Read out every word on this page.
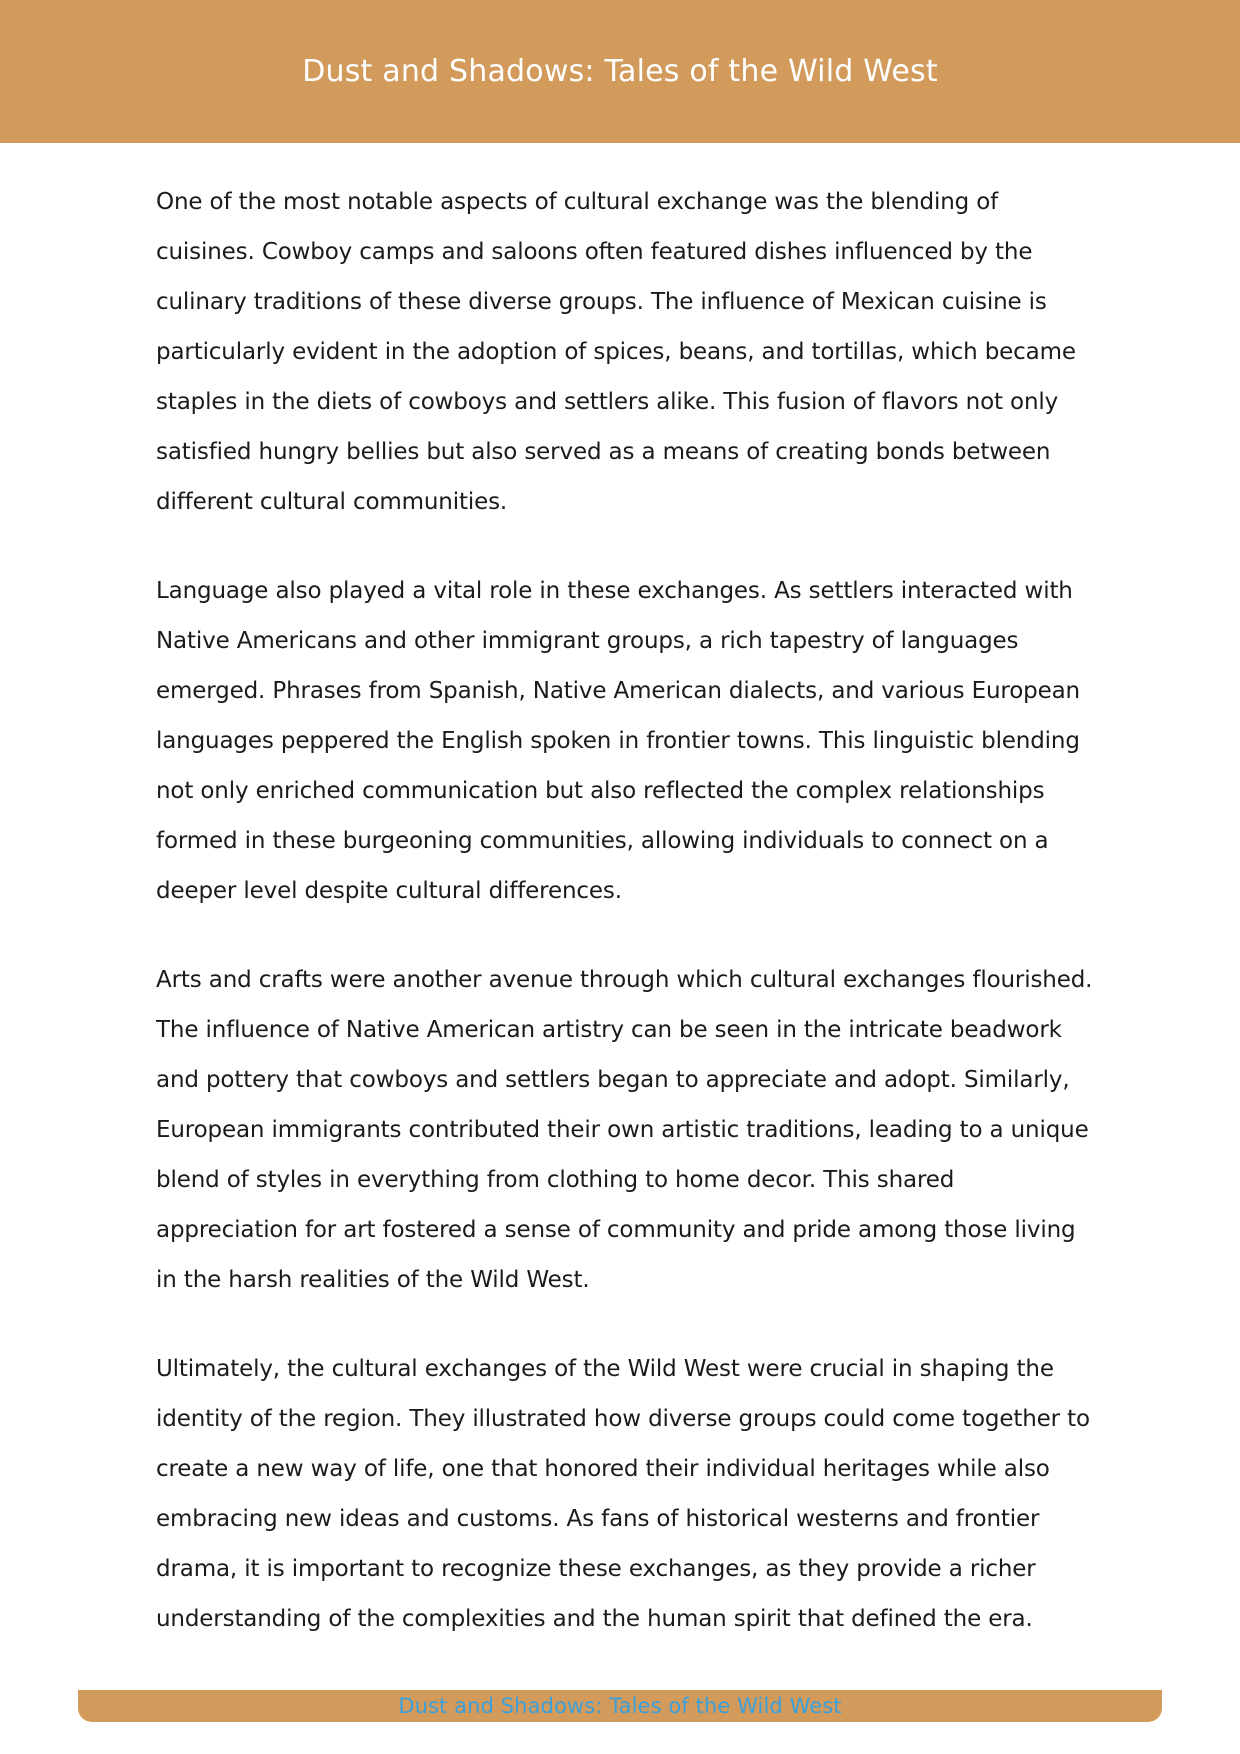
Dust and Shadows: Tales of the Wild West

One of the most notable aspects of cultural exchange was the blending of cuisines. Cowboy camps and saloons often featured dishes influenced by the culinary traditions of these diverse groups. The influence of Mexican cuisine is particularly evident in the adoption of spices, beans, and tortillas, which became staples in the diets of cowboys and settlers alike. This fusion of flavors not only satisfied hungry bellies but also served as a means of creating bonds between different cultural communities.

Language also played a vital role in these exchanges. As settlers interacted with Native Americans and other immigrant groups, a rich tapestry of languages emerged. Phrases from Spanish, Native American dialects, and various European languages peppered the English spoken in frontier towns. This linguistic blending not only enriched communication but also reflected the complex relationships formed in these burgeoning communities, allowing individuals to connect on a deeper level despite cultural differences.

Arts and crafts were another avenue through which cultural exchanges flourished. The influence of Native American artistry can be seen in the intricate beadwork and pottery that cowboys and settlers began to appreciate and adopt. Similarly, European immigrants contributed their own artistic traditions, leading to a unique blend of styles in everything from clothing to home decor. This shared appreciation for art fostered a sense of community and pride among those living in the harsh realities of the Wild West.

Ultimately, the cultural exchanges of the Wild West were crucial in shaping the identity of the region. They illustrated how diverse groups could come together to create a new way of life, one that honored their individual heritages while also embracing new ideas and customs. As fans of historical westerns and frontier drama, it is important to recognize these exchanges, as they provide a richer understanding of the complexities and the human spirit that defined the era.

Dust and Shadows: Tales of the Wild West
